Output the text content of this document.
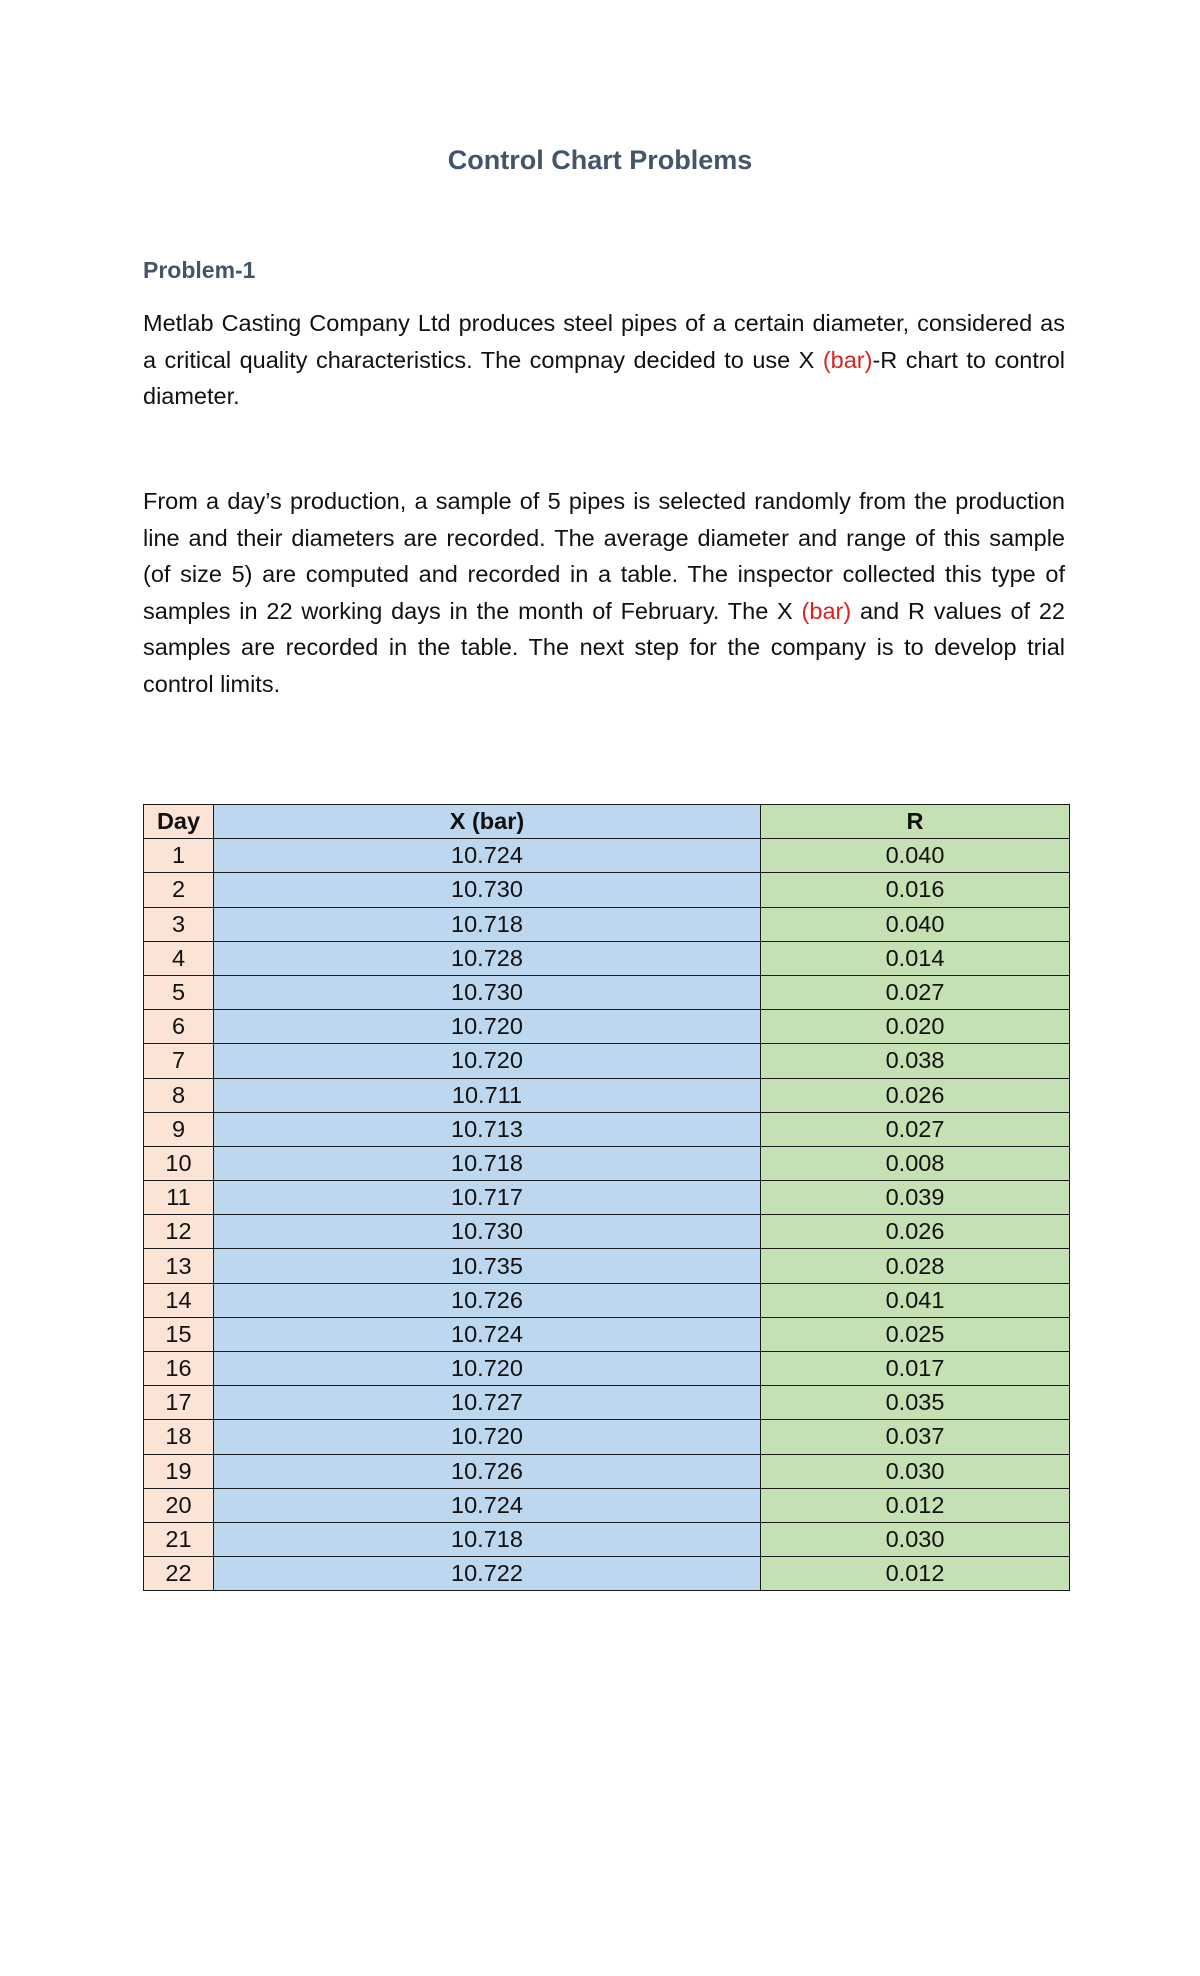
Control Chart Problems
Problem-1
Metlab Casting Company Ltd produces steel pipes of a certain diameter, considered as a critical quality characteristics. The compnay decided to use X (bar)-R chart to control diameter.
From a day’s production, a sample of 5 pipes is selected randomly from the production line and their diameters are recorded. The average diameter and range of this sample (of size 5) are computed and recorded in a table. The inspector collected this type of samples in 22 working days in the month of February. The X (bar) and R values of 22 samples are recorded in the table. The next step for the company is to develop trial control limits.
Day	X (bar)	R
1	10.724	0.040
2	10.730	0.016
3	10.718	0.040
4	10.728	0.014
5	10.730	0.027
6	10.720	0.020
7	10.720	0.038
8	10.711	0.026
9	10.713	0.027
10	10.718	0.008
11	10.717	0.039
12	10.730	0.026
13	10.735	0.028
14	10.726	0.041
15	10.724	0.025
16	10.720	0.017
17	10.727	0.035
18	10.720	0.037
19	10.726	0.030
20	10.724	0.012
21	10.718	0.030
22	10.722	0.012
